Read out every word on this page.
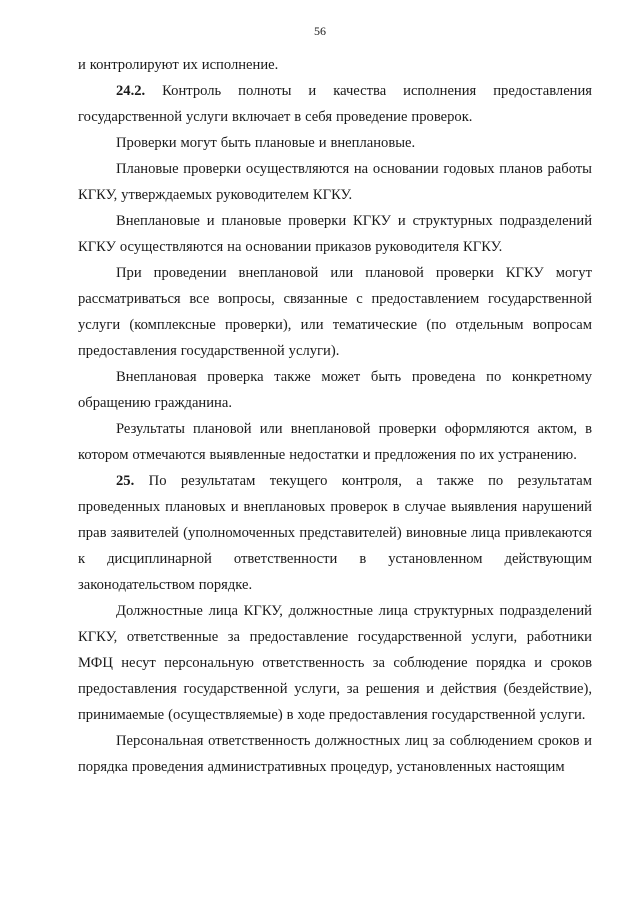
56

и контролируют их исполнение.

24.2. Контроль полноты и качества исполнения предоставления государственной услуги включает в себя проведение проверок.

Проверки могут быть плановые и внеплановые.

Плановые проверки осуществляются на основании годовых планов работы КГКУ, утверждаемых руководителем КГКУ.

Внеплановые и плановые проверки КГКУ и структурных подразделений КГКУ осуществляются на основании приказов руководителя КГКУ.

При проведении внеплановой или плановой проверки КГКУ могут рассматриваться все вопросы, связанные с предоставлением государственной услуги (комплексные проверки), или тематические (по отдельным вопросам предоставления государственной услуги).

Внеплановая проверка также может быть проведена по конкретному обращению гражданина.

Результаты плановой или внеплановой проверки оформляются актом, в котором отмечаются выявленные недостатки и предложения по их устранению.

25. По результатам текущего контроля, а также по результатам проведенных плановых и внеплановых проверок в случае выявления нарушений прав заявителей (уполномоченных представителей) виновные лица привлекаются к дисциплинарной ответственности в установленном действующим законодательством порядке.

Должностные лица КГКУ, должностные лица структурных подразделений КГКУ, ответственные за предоставление государственной услуги, работники МФЦ несут персональную ответственность за соблюдение порядка и сроков предоставления государственной услуги, за решения и действия (бездействие), принимаемые (осуществляемые) в ходе предоставления государственной услуги.

Персональная ответственность должностных лиц за соблюдением сроков и порядка проведения административных процедур, установленных настоящим
